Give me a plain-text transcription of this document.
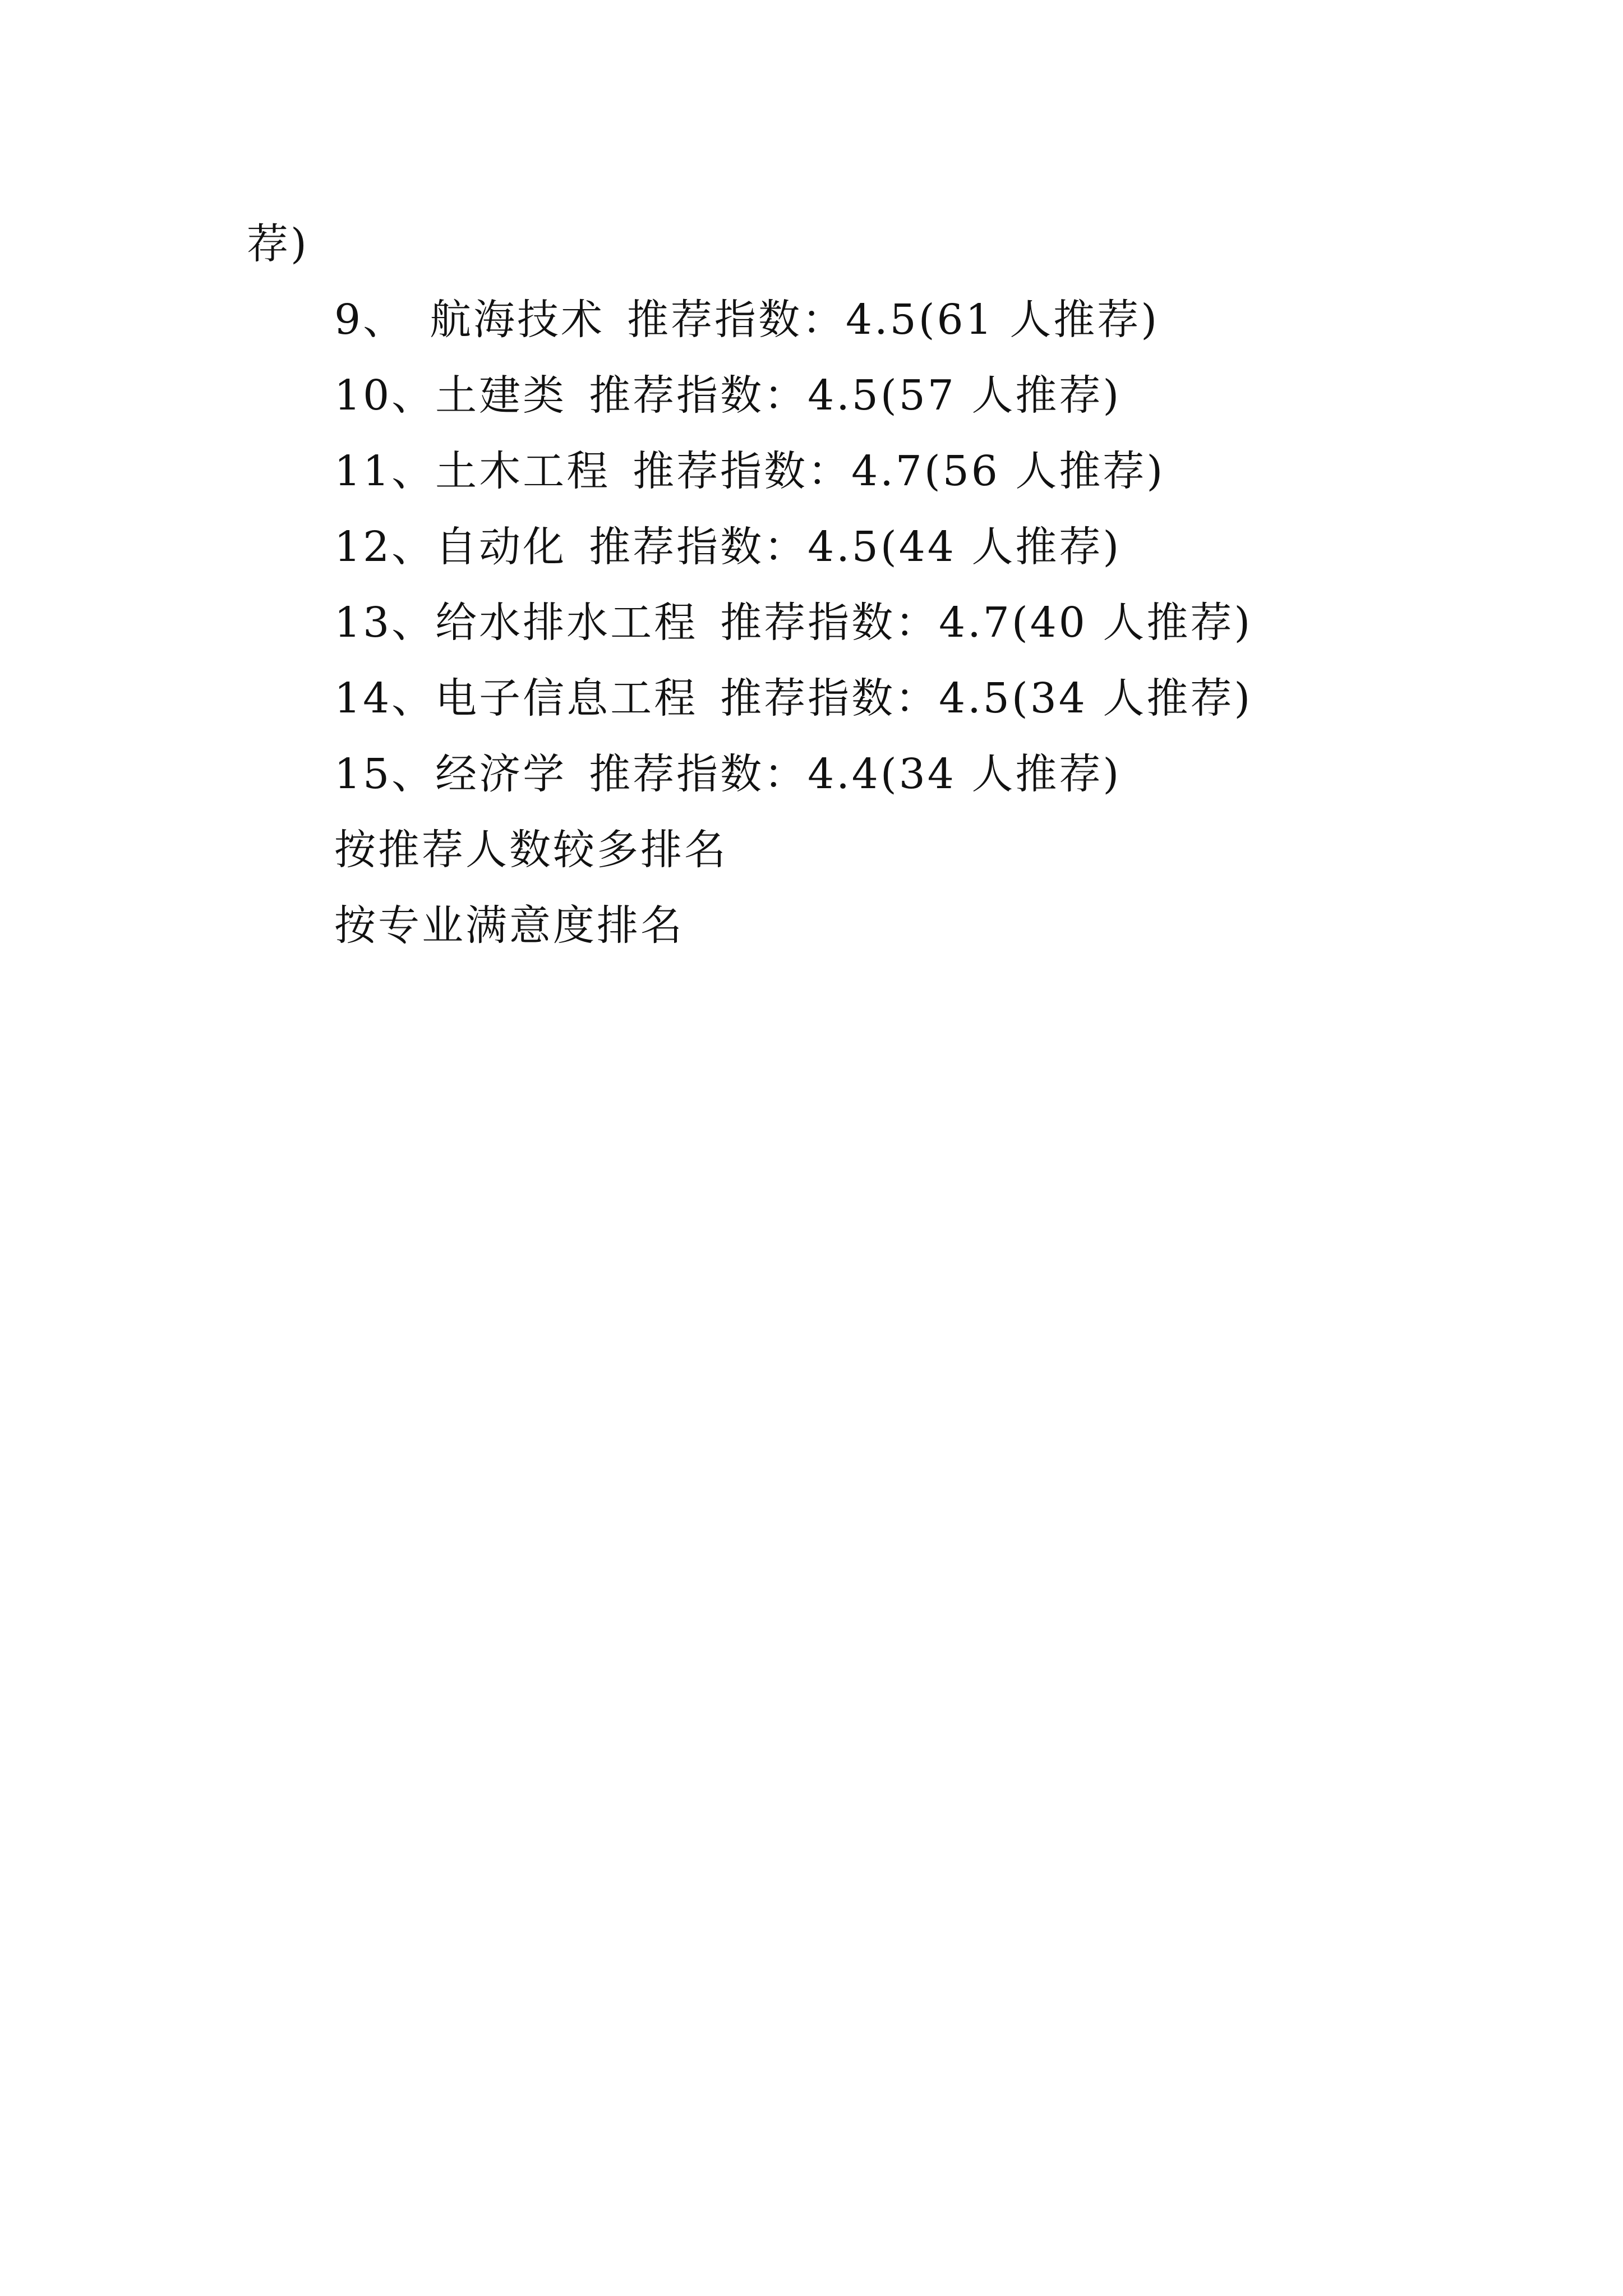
荐)
9、 航海技术 推荐指数：4.5(61 人推荐)
10、土建类 推荐指数：4.5(57 人推荐)
11、土木工程 推荐指数：4.7(56 人推荐)
12、自动化 推荐指数：4.5(44 人推荐)
13、给水排水工程 推荐指数：4.7(40 人推荐)
14、电子信息工程 推荐指数：4.5(34 人推荐)
15、经济学 推荐指数：4.4(34 人推荐)
按推荐人数较多排名
按专业满意度排名
